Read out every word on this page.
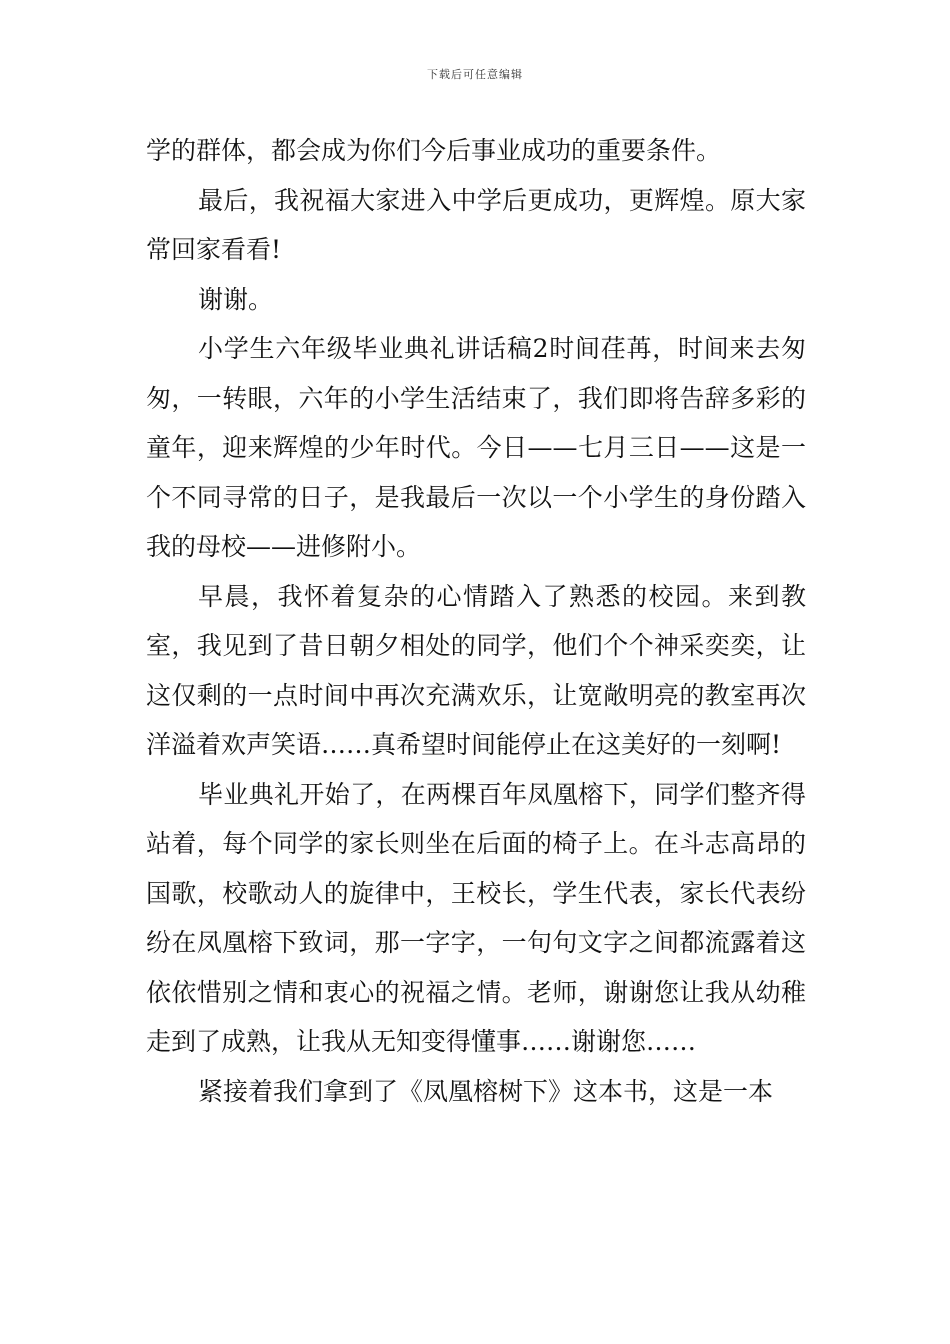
下载后可任意编辑

学的群体，都会成为你们今后事业成功的重要条件。

最后，我祝福大家进入中学后更成功，更辉煌。原大家常回家看看!

谢谢。

小学生六年级毕业典礼讲话稿2时间荏苒，时间来去匆匆，一转眼，六年的小学生活结束了，我们即将告辞多彩的童年，迎来辉煌的少年时代。今日——七月三日——这是一个不同寻常的日子，是我最后一次以一个小学生的身份踏入我的母校——进修附小。

早晨，我怀着复杂的心情踏入了熟悉的校园。来到教室，我见到了昔日朝夕相处的同学，他们个个神采奕奕，让这仅剩的一点时间中再次充满欢乐，让宽敞明亮的教室再次洋溢着欢声笑语……真希望时间能停止在这美好的一刻啊!

毕业典礼开始了，在两棵百年凤凰榕下，同学们整齐得站着，每个同学的家长则坐在后面的椅子上。在斗志高昂的国歌，校歌动人的旋律中，王校长，学生代表，家长代表纷纷在凤凰榕下致词，那一字字，一句句文字之间都流露着这依依惜别之情和衷心的祝福之情。老师，谢谢您让我从幼稚走到了成熟，让我从无知变得懂事……谢谢您……

紧接着我们拿到了《凤凰榕树下》这本书，这是一本
